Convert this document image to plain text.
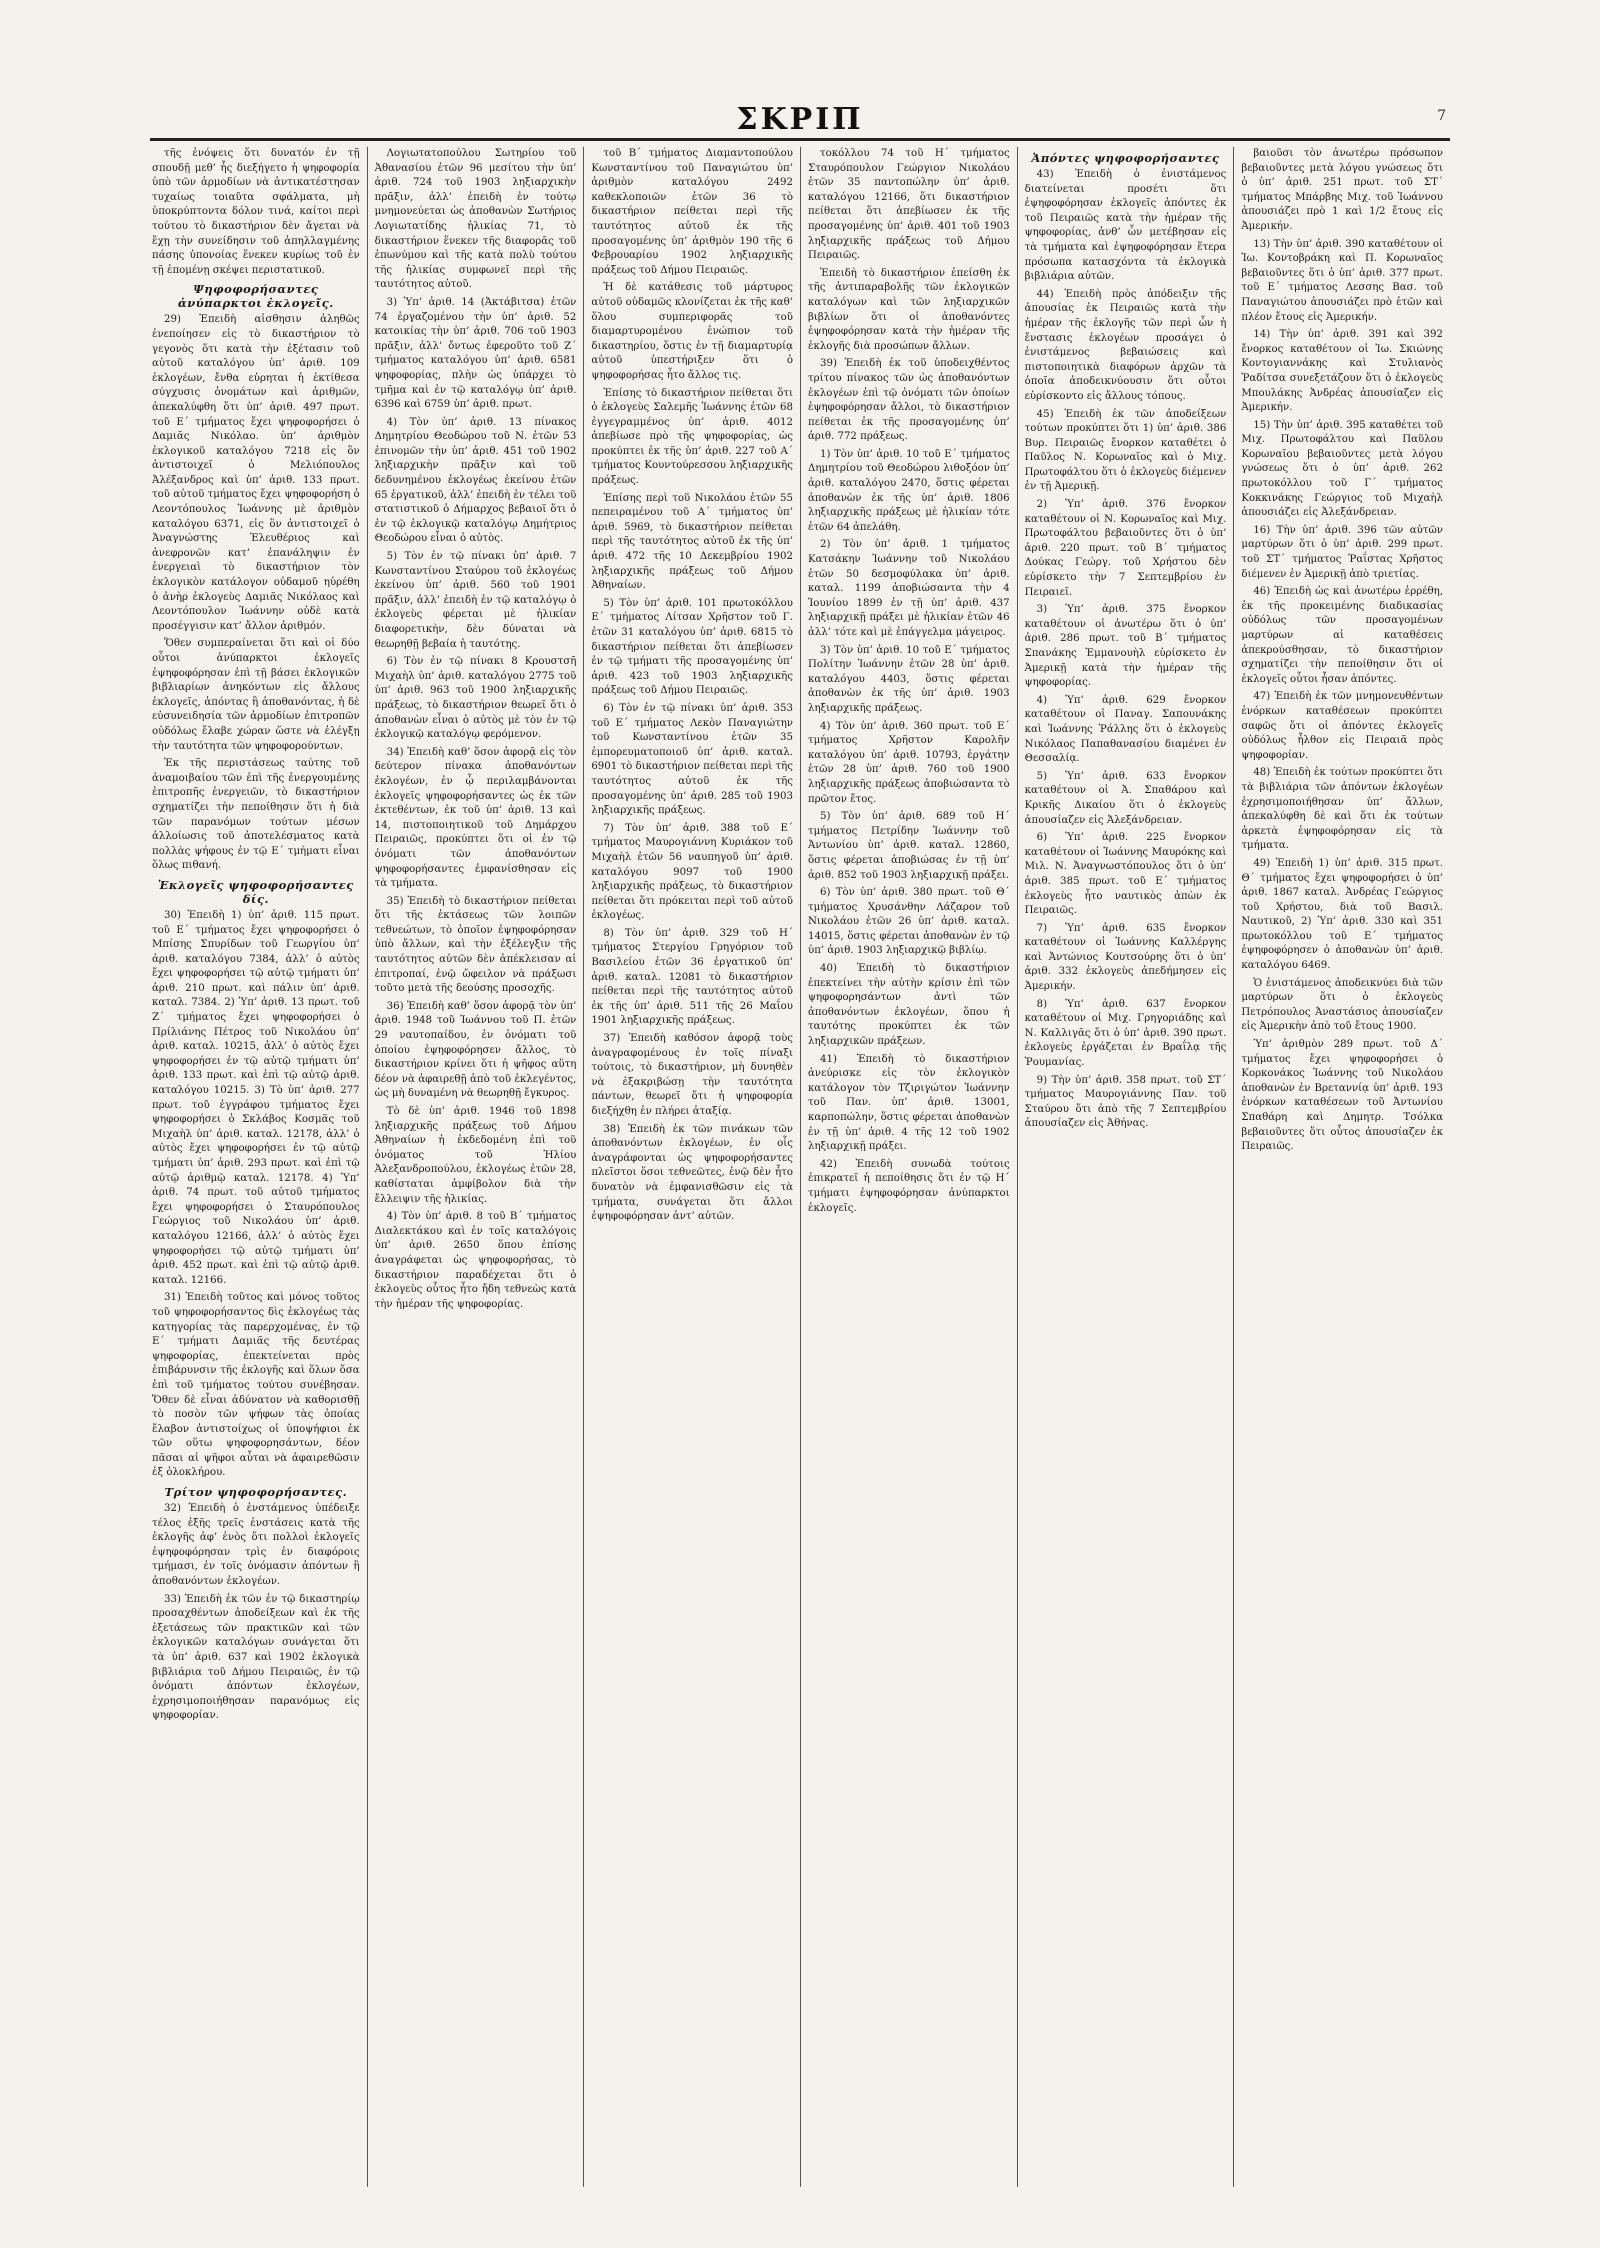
ΣΚΡΙΠ	7

τῆς ἐνόψεις ὅτι δυνατόν ἐν τῇ σπουδῇ μεθ’ ἧς διεξήγετο ἡ ψηφοφορία ὑπὸ τῶν ἀρμοδίων νὰ ἀντικατέστησαν τυχαίως τοιαῦτα σφάλματα, μὴ ὑποκρύπτοντα δόλον τινά, καίτοι περὶ τούτου τὸ δικαστήριον δὲν ἄγεται νὰ ἔχῃ τὴν συνείδησιν τοῦ ἀπηλλαγμένης πάσης ὑπονοίας ἕνεκεν κυρίως τοῦ ἐν τῇ ἐπομένῃ σκέψει περιστατικοῦ.

Ψηφοφορήσαντες ἀνύπαρκτοι ἐκλογεῖς.

29) Ἐπειδὴ αἰσθησιν ἀληθῶς ἐνεποίησεν εἰς τὸ δικαστήριον τὸ γεγονὸς ὅτι κατὰ τὴν ἐξέτασιν τοῦ αὐτοῦ καταλόγου ὑπ’ ἀριθ. 109 ἐκλογέων, ἔνθα εὑρηται ἡ ἐκτίθεσα σύγχυσις ὀνομάτων καὶ ἀριθμῶν, ἀπεκαλύφθη ὅτι ὑπ’ ἀριθ. 497 πρωτ. τοῦ Ε΄ τμήματος ἔχει ψηφοφορήσει ὁ Δαμιᾶς Νικόλαο. ὑπ’ ἀριθμὸν ἐκλογικοῦ καταλόγου 7218 εἰς ὃν ἀντιστοιχεῖ ὁ Μελιόπουλος Ἀλέξανδρος καὶ ὑπ’ ἀριθ. 133 πρωτ. τοῦ αὐτοῦ τμήματος ἔχει ψηφοφορήση ὁ Λεοντόπουλος Ἰωάννης μὲ ἀριθμὸν καταλόγου 6371, εἰς ὃν ἀντιστοιχεῖ ὁ Ἀναγνώστης Ἐλευθέριος καὶ ἀνεφρονῶν κατ’ ἐπανάληψιν ἐν ἐνεργειαὶ τὸ δικαστήριον τὸν ἐκλογικὸν κατάλογον οὐδαμοῦ ηὑρέθη ὁ ἀνὴρ ἐκλογεὺς Δαμιᾶς Νικόλαος καὶ Λεοντόπουλον Ἰωάννην οὐδὲ κατὰ προσέγγισιν κατ’ ἄλλον ἀριθμόν.

Ὅθεν συμπεραίνεται ὅτι καὶ οἱ δύο οὗτοι ἀνύπαρκτοι ἐκλογεῖς ἐψηφοφόρησαν ἐπὶ τῇ βάσει ἐκλογικῶν βιβλιαρίων ἀνηκόντων εἰς ἄλλους ἐκλογεῖς, ἀπόντας ἢ ἀποθανόντας, ἡ δὲ εὐσυνειδησία τῶν ἀρμοδίων ἐπιτροπῶν οὐδόλως ἔλαβε χώραν ὥστε νὰ ἐλέγξῃ τὴν ταυτότητα τῶν ψηφοφορούντων.

Ἐκ τῆς περιστάσεως ταύτης τοῦ ἀναμοιβαίου τῶν ἐπὶ τῆς ἐνεργουμένης ἐπιτροπῆς ἐνεργειῶν, τὸ δικαστήριον σχηματίζει τὴν πεποίθησιν ὅτι ἡ διὰ τῶν παρανόμων τούτων μέσων ἀλλοίωσις τοῦ ἀποτελέσματος κατὰ πολλὰς ψήφους ἐν τῷ Ε΄ τμήματι εἶναι ὅλως πιθανή.

Ἐκλογεῖς ψηφοφορήσαντες δίς.

30) Ἐπειδὴ 1) ὑπ’ ἀριθ. 115 πρωτ. τοῦ Ε΄ τμήματος ἔχει ψηφοφορήσει ὁ Μπίσης Σπυρίδων τοῦ Γεωργίου ὑπ’ ἀριθ. καταλόγου 7384, ἀλλ’ ὁ αὐτὸς ἔχει ψηφοφορήσει τῷ αὐτῷ τμήματι ὑπ’ ἀριθ. 210 πρωτ. καὶ πάλιν ὑπ’ ἀριθ. καταλ. 7384. 2) Ὑπ’ ἀριθ. 13 πρωτ. τοῦ Ζ΄ τμήματος ἔχει ψηφοφορήσει ὁ Πρίλιάνης Πέτρος τοῦ Νικολάου ὑπ’ ἀριθ. καταλ. 10215, ἀλλ’ ὁ αὐτὸς ἔχει ψηφοφορήσει ἐν τῷ αὐτῷ τμήματι ὑπ’ ἀριθ. 133 πρωτ. καὶ ἐπὶ τῷ αὐτῷ ἀριθ. καταλόγου 10215. 3) Τὸ ὑπ’ ἀριθ. 277 πρωτ. τοῦ ἐγγράφου τμήματος ἔχει ψηφοφορήσει ὁ Σκλάβος Κοσμᾶς τοῦ Μιχαὴλ ὑπ’ ἀριθ. καταλ. 12178, ἀλλ’ ὁ αὐτὸς ἔχει ψηφοφορήσει ἐν τῷ αὐτῷ τμήματι ὑπ’ ἀριθ. 293 πρωτ. καὶ ἐπὶ τῷ αὐτῷ ἀριθμῷ καταλ. 12178. 4) Ὑπ’ ἀριθ. 74 πρωτ. τοῦ αὐτοῦ τμήματος ἔχει ψηφοφορήσει ὁ Σταυρόπουλος Γεώργιος τοῦ Νικολάου ὑπ’ ἀριθ. καταλόγου 12166, ἀλλ’ ὁ αὐτὸς ἔχει ψηφοφορήσει τῷ αὐτῷ τμήματι ὑπ’ ἀριθ. 452 πρωτ. καὶ ἐπὶ τῷ αὐτῷ ἀριθ. καταλ. 12166.

31) Ἐπειδὴ τοῦτος καὶ μόνος τοῦτος τοῦ ψηφοφορήσαντος δὶς ἐκλογέως τὰς κατηγορίας τὰς παρερχομένας, ἐν τῷ Ε΄ τμήματι Δαμιᾶς τῆς δευτέρας ψηφοφορίας, ἐπεκτείνεται πρὸς ἐπιβάρυνσιν τῆς ἐκλογῆς καὶ ὅλων ὅσα ἐπὶ τοῦ τμήματος τούτου συνέβησαν. Ὅθεν δὲ εἶναι ἀδύνατον νὰ καθορισθῇ τὸ ποσὸν τῶν ψήφων τὰς ὁποίας ἔλαβον ἀντιστοίχως οἱ ὑποψήφιοι ἐκ τῶν οὕτω ψηφοφορησάντων, δέον πᾶσαι αἱ ψῆφοι αὗται νὰ ἀφαιρεθῶσιν ἐξ ὁλοκλήρου.

Τρίτον ψηφοφορήσαντες.

32) Ἐπειδὴ ὁ ἐνστάμενος ὑπέδειξε τέλος ἐξῆς τρεῖς ἐνστάσεις κατὰ τῆς ἐκλογῆς ἀφ’ ἑνὸς ὅτι πολλοὶ ἐκλογεῖς ἐψηφοφόρησαν τρὶς ἐν διαφόροις τμήμασι, ἐν τοῖς ὀνόμασιν ἀπόντων ἢ ἀποθανόντων ἐκλογέων.

33) Ἐπειδὴ ἐκ τῶν ἐν τῷ δικαστηρίῳ προσαχθέντων ἀποδείξεων καὶ ἐκ τῆς ἐξετάσεως τῶν πρακτικῶν καὶ τῶν ἐκλογικῶν καταλόγων συνάγεται ὅτι τὰ ὑπ’ ἀριθ. 637 καὶ 1902 ἐκλογικὰ βιβλιάρια τοῦ Δήμου Πειραιῶς, ἐν τῷ ὀνόματι ἀπόντων ἐκλογέων, ἐχρησιμοποιήθησαν παρανόμως εἰς ψηφοφορίαν.

Λογιωτατοπούλου Σωτηρίου τοῦ Ἀθανασίου ἐτῶν 96 μεσίτου τὴν ὑπ’ ἀριθ. 724 τοῦ 1903 ληξιαρχικὴν πρᾶξιν, ἀλλ’ ἐπειδὴ ἐν τούτῳ μνημονεύεται ὡς ἀποθανὼν Σωτήριος Λογιωτατίδης ἡλικίας 71, τὸ δικαστήριον ἕνεκεν τῆς διαφορᾶς τοῦ ἐπωνύμου καὶ τῆς κατὰ πολὺ τούτου τῆς ἡλικίας συμφωνεῖ περὶ τῆς ταυτότητος αὐτοῦ.

3) Ὑπ’ ἀριθ. 14 (Ἀκτάβιτσα) ἐτῶν 74 ἐργαζομένου τὴν ὑπ’ ἀριθ. 52 κατοικίας τὴν ὑπ’ ἀριθ. 706 τοῦ 1903 πρᾶξιν, ἀλλ’ ὄντως ἐφεροῦτο τοῦ Ζ΄ τμήματος καταλόγου ὑπ’ ἀριθ. 6581 ψηφοφορίας, πλὴν ὡς ὑπάρχει τὸ τμῆμα καὶ ἐν τῷ καταλόγῳ ὑπ’ ἀριθ. 6396 καὶ 6759 ὑπ’ ἀριθ. πρωτ.

4) Τὸν ὑπ’ ἀριθ. 13 πίνακος Δημητρίου Θεοδώρου τοῦ Ν. ἐτῶν 53 ἐπινομῶν τὴν ὑπ’ ἀριθ. 451 τοῦ 1902 ληξιαρχικὴν πρᾶξιν καὶ τοῦ δεδυνημένου ἐκλογέως ἐκείνου ἐτῶν 65 ἐργατικοῦ, ἀλλ’ ἐπειδὴ ἐν τέλει τοῦ στατιστικοῦ ὁ Δήμαρχος βεβαιοῖ ὅτι ὁ ἐν τῷ ἐκλογικῷ καταλόγῳ Δημήτριος Θεοδώρου εἶναι ὁ αὐτὸς.

5) Τὸν ἐν τῷ πίνακι ὑπ’ ἀριθ. 7 Κωνσταντίνου Σταύρου τοῦ ἐκλογέως ἐκείνου ὑπ’ ἀριθ. 560 τοῦ 1901 πρᾶξιν, ἀλλ’ ἐπειδὴ ἐν τῷ καταλόγῳ ὁ ἐκλογεὺς φέρεται μὲ ἡλικίαν διαφορετικὴν, δὲν δύναται νὰ θεωρηθῇ βεβαία ἡ ταυτότης.

6) Τὸν ἐν τῷ πίνακι 8 Κρουστσῆ Μιχαὴλ ὑπ’ ἀριθ. καταλόγου 2775 τοῦ ὑπ’ ἀριθ. 963 τοῦ 1900 ληξιαρχικῆς πράξεως, τὸ δικαστήριον θεωρεῖ ὅτι ὁ ἀποθανὼν εἶναι ὁ αὐτὸς μὲ τὸν ἐν τῷ ἐκλογικῷ καταλόγῳ φερόμενον.

34) Ἐπειδὴ καθ’ ὅσον ἀφορᾷ εἰς τὸν δεύτερον πίνακα ἀποθανόντων ἐκλογέων, ἐν ᾧ περιλαμβάνονται ἐκλογεῖς ψηφοφορήσαντες ὡς ἐκ τῶν ἐκτεθέντων, ἐκ τοῦ ὑπ’ ἀριθ. 13 καὶ 14, πιστοποιητικοῦ τοῦ Δημάρχου Πειραιῶς, προκύπτει ὅτι οἱ ἐν τῷ ὀνόματι τῶν ἀποθανόντων ψηφοφορήσαντες ἐμφανίσθησαν εἰς τὰ τμήματα.

35) Ἐπειδὴ τὸ δικαστήριον πείθεται ὅτι τῆς ἐκτάσεως τῶν λοιπῶν τεθνεώτων, τὸ ὁποῖον ἐψηφοφόρησαν ὑπὸ ἄλλων, καὶ τὴν ἐξέλεγξιν τῆς ταυτότητος αὐτῶν δὲν ἀπέκλεισαν αἱ ἐπιτροπαί, ἐνῷ ὤφειλον νὰ πράξωσι τοῦτο μετὰ τῆς δεούσης προσοχῆς.

36) Ἐπειδὴ καθ’ ὅσον ἀφορᾷ τὸν ὑπ’ ἀριθ. 1948 τοῦ Ἰωάννου τοῦ Π. ἐτῶν 29 ναυτοπαίδου, ἐν ὀνόματι τοῦ ὁποίου ἐψηφοφόρησεν ἄλλος, τὸ δικαστήριον κρίνει ὅτι ἡ ψῆφος αὕτη δέον νὰ ἀφαιρεθῇ ἀπὸ τοῦ ἐκλεγέντος, ὡς μὴ δυναμένη νὰ θεωρηθῇ ἔγκυρος.

Τὸ δὲ ὑπ’ ἀριθ. 1946 τοῦ 1898 ληξιαρχικῆς πράξεως τοῦ Δήμου Ἀθηναίων ἡ ἐκδεδομένη ἐπὶ τοῦ ὀνόματος τοῦ Ἠλίου Ἀλεξανδροπούλου, ἐκλογέως ἐτῶν 28, καθίσταται ἀμφίβολον διὰ τὴν ἔλλειψιν τῆς ἡλικίας.

4) Τὸν ὑπ’ ἀριθ. 8 τοῦ Β΄ τμήματος Διαλεκτάκου καὶ ἐν τοῖς καταλόγοις ὑπ’ ἀριθ. 2650 ὅπου ἐπίσης ἀναγράφεται ὡς ψηφοφορήσας, τὸ δικαστήριον παραδέχεται ὅτι ὁ ἐκλογεὺς οὗτος ἦτο ἤδη τεθνεὼς κατὰ τὴν ἡμέραν τῆς ψηφοφορίας.

τοῦ Β΄ τμήματος Διαμαντοπούλου Κωνσταντίνου τοῦ Παναγιώτου ὑπ’ ἀριθμὸν καταλόγου 2492 καθεκλοποιῶν ἐτῶν 36 τὸ δικαστήριον πείθεται περὶ τῆς ταυτότητος αὐτοῦ ἐκ τῆς προσαγομένης ὑπ’ ἀριθμὸν 190 τῆς 6 Φεβρουαρίου 1902 ληξιαρχικῆς πράξεως τοῦ Δήμου Πειραιῶς.

Ἡ δὲ κατάθεσις τοῦ μάρτυρος αὐτοῦ οὐδαμῶς κλονίζεται ἐκ τῆς καθ’ ὅλου συμπεριφορᾶς τοῦ διαμαρτυρομένου ἐνώπιον τοῦ δικαστηρίου, ὅστις ἐν τῇ διαμαρτυρίᾳ αὐτοῦ ὑπεστήριξεν ὅτι ὁ ψηφοφορήσας ἦτο ἄλλος τις.

Ἐπίσης τὸ δικαστήριον πείθεται ὅτι ὁ ἐκλογεὺς Σαλεμῆς Ἰωάννης ἐτῶν 68 ἐγγεγραμμένος ὑπ’ ἀριθ. 4012 ἀπεβίωσε πρὸ τῆς ψηφοφορίας, ὡς προκύπτει ἐκ τῆς ὑπ’ ἀριθ. 227 τοῦ Α΄ τμήματος Κουντούρεσσου ληξιαρχικῆς πράξεως.

Ἐπίσης περὶ τοῦ Νικολάου ἐτῶν 55 πεπειραμένου τοῦ Α΄ τμήματος ὑπ’ ἀριθ. 5969, τὸ δικαστήριον πείθεται περὶ τῆς ταυτότητος αὐτοῦ ἐκ τῆς ὑπ’ ἀριθ. 472 τῆς 10 Δεκεμβρίου 1902 ληξιαρχικῆς πράξεως τοῦ Δήμου Ἀθηναίων.

5) Τὸν ὑπ’ ἀριθ. 101 πρωτοκόλλου Ε΄ τμήματος Λίτσαν Χρῆστον τοῦ Γ. ἐτῶν 31 καταλόγου ὑπ’ ἀριθ. 6815 τὸ δικαστήριον πείθεται ὅτι ἀπεβίωσεν ἐν τῷ τμήματι τῆς προσαγομένης ὑπ’ ἀριθ. 423 τοῦ 1903 ληξιαρχικῆς πράξεως τοῦ Δήμου Πειραιῶς.

6) Τὸν ἐν τῷ πίνακι ὑπ’ ἀριθ. 353 τοῦ Ε΄ τμήματος Λεκὸν Παναγιώτην τοῦ Κωνσταντίνου ἐτῶν 35 ἐμπορευματοποιοῦ ὑπ’ ἀριθ. καταλ. 6901 τὸ δικαστήριον πείθεται περὶ τῆς ταυτότητος αὐτοῦ ἐκ τῆς προσαγομένης ὑπ’ ἀριθ. 285 τοῦ 1903 ληξιαρχικῆς πράξεως.

7) Τὸν ὑπ’ ἀριθ. 388 τοῦ Ε΄ τμήματος Μαυρογιάννη Κυριάκον τοῦ Μιχαὴλ ἐτῶν 56 ναυπηγοῦ ὑπ’ ἀριθ. καταλόγου 9097 τοῦ 1900 ληξιαρχικῆς πράξεως, τὸ δικαστήριον πείθεται ὅτι πρόκειται περὶ τοῦ αὐτοῦ ἐκλογέως.

8) Τὸν ὑπ’ ἀριθ. 329 τοῦ Η΄ τμήματος Στεργίου Γρηγόριον τοῦ Βασιλείου ἐτῶν 36 ἐργατικοῦ ὑπ’ ἀριθ. καταλ. 12081 τὸ δικαστήριον πείθεται περὶ τῆς ταυτότητος αὐτοῦ ἐκ τῆς ὑπ’ ἀριθ. 511 τῆς 26 Μαΐου 1901 ληξιαρχικῆς πράξεως.

37) Ἐπειδὴ καθόσον ἀφορᾷ τοὺς ἀναγραφομένους ἐν τοῖς πίναξι τούτοις, τὸ δικαστήριον, μὴ δυνηθὲν νὰ ἐξακριβώσῃ τὴν ταυτότητα πάντων, θεωρεῖ ὅτι ἡ ψηφοφορία διεξήχθη ἐν πλήρει ἀταξίᾳ.

38) Ἐπειδὴ ἐκ τῶν πινάκων τῶν ἀποθανόντων ἐκλογέων, ἐν οἷς ἀναγράφονται ὡς ψηφοφορήσαντες πλεῖστοι ὅσοι τεθνεῶτες, ἐνῷ δὲν ἦτο δυνατὸν νὰ ἐμφανισθῶσιν εἰς τὰ τμήματα, συνάγεται ὅτι ἄλλοι ἐψηφοφόρησαν ἀντ’ αὐτῶν.

τοκόλλου 74 τοῦ Η΄ τμήματος Σταυρόπουλον Γεώργιον Νικολάου ἐτῶν 35 παντοπώλην ὑπ’ ἀριθ. καταλόγου 12166, ὅτι δικαστήριον πείθεται ὅτι ἀπεβίωσεν ἐκ τῆς προσαγομένης ὑπ’ ἀριθ. 401 τοῦ 1903 ληξιαρχικῆς πράξεως τοῦ Δήμου Πειραιῶς.

Ἐπειδὴ τὸ δικαστήριον ἐπείσθη ἐκ τῆς ἀντιπαραβολῆς τῶν ἐκλογικῶν καταλόγων καὶ τῶν ληξιαρχικῶν βιβλίων ὅτι οἱ ἀποθανόντες ἐψηφοφόρησαν κατὰ τὴν ἡμέραν τῆς ἐκλογῆς διὰ προσώπων ἄλλων.

39) Ἐπειδὴ ἐκ τοῦ ὑποδειχθέντος τρίτου πίνακος τῶν ὡς ἀποθανόντων ἐκλογέων ἐπὶ τῷ ὀνόματι τῶν ὁποίων ἐψηφοφόρησαν ἄλλοι, τὸ δικαστήριον πείθεται ἐκ τῆς προσαγομένης ὑπ’ ἀριθ. 772 πράξεως.

1) Τὸν ὑπ’ ἀριθ. 10 τοῦ Ε΄ τμήματος Δημητρίου τοῦ Θεοδώρου λιθοξόον ὑπ’ ἀριθ. καταλόγου 2470, ὅστις φέρεται ἀποθανὼν ἐκ τῆς ὑπ’ ἀριθ. 1806 ληξιαρχικῆς πράξεως μὲ ἡλικίαν τότε ἐτῶν 64 ἀπελάθη.

2) Τὸν ὑπ’ ἀριθ. 1 τμήματος Κατσάκην Ἰωάννην τοῦ Νικολάου ἐτῶν 50 δεσμοφύλακα ὑπ’ ἀριθ. καταλ. 1199 ἀποβιώσαντα τὴν 4 Ἰουνίου 1899 ἐν τῇ ὑπ’ ἀριθ. 437 ληξιαρχικῇ πράξει μὲ ἡλικίαν ἐτῶν 46 ἀλλ’ τότε καὶ μὲ ἐπάγγελμα μάγειρος.

3) Τὸν ὑπ’ ἀριθ. 10 τοῦ Ε΄ τμήματος Πολίτην Ἰωάννην ἐτῶν 28 ὑπ’ ἀριθ. καταλόγου 4403, ὅστις φέρεται ἀποθανὼν ἐκ τῆς ὑπ’ ἀριθ. 1903 ληξιαρχικῆς πράξεως.

4) Τὸν ὑπ’ ἀριθ. 360 πρωτ. τοῦ Ε΄ τμήματος Χρῆστον Καρολῆν καταλόγου ὑπ’ ἀριθ. 10793, ἐργάτην ἐτῶν 28 ὑπ’ ἀριθ. 760 τοῦ 1900 ληξιαρχικῆς πράξεως ἀποβιώσαντα τὸ πρῶτον ἔτος.

5) Τὸν ὑπ’ ἀριθ. 689 τοῦ Η΄ τμήματος Πετρίδην Ἰωάννην τοῦ Ἀντωνίου ὑπ’ ἀριθ. καταλ. 12860, ὅστις φέρεται ἀποβιώσας ἐν τῇ ὑπ’ ἀριθ. 852 τοῦ 1903 ληξιαρχικῇ πράξει.

6) Τὸν ὑπ’ ἀριθ. 380 πρωτ. τοῦ Θ΄ τμήματος Χρυσάνθην Λάζαρον τοῦ Νικολάου ἐτῶν 26 ὑπ’ ἀριθ. καταλ. 14015, ὅστις φέρεται ἀποθανὼν ἐν τῷ ὑπ’ ἀριθ. 1903 ληξιαρχικῷ βιβλίῳ.

40) Ἐπειδὴ τὸ δικαστήριον ἐπεκτείνει τὴν αὐτὴν κρίσιν ἐπὶ τῶν ψηφοφορησάντων ἀντὶ τῶν ἀποθανόντων ἐκλογέων, ὅπου ἡ ταυτότης προκύπτει ἐκ τῶν ληξιαρχικῶν πράξεων.

41) Ἐπειδὴ τὸ δικαστήριον ἀνεύρισκε εἰς τὸν ἐκλογικὸν κατάλογον τὸν Τζιριγώτον Ἰωάννην τοῦ Παν. ὑπ’ ἀριθ. 13001, καρποπώλην, ὅστις φέρεται ἀποθανὼν ἐν τῇ ὑπ’ ἀριθ. 4 τῆς 12 τοῦ 1902 ληξιαρχικῇ πράξει.

42) Ἐπειδὴ συνωδὰ τούτοις ἐπικρατεῖ ἡ πεποίθησις ὅτι ἐν τῷ Η΄ τμήματι ἐψηφοφόρησαν ἀνύπαρκτοι ἐκλογεῖς.

Ἀπόντες ψηφοφορήσαντες

43) Ἐπειδὴ ὁ ἐνιστάμενος διατείνεται προσέτι ὅτι ἐψηφοφόρησαν ἐκλογεῖς ἀπόντες ἐκ τοῦ Πειραιῶς κατὰ τὴν ἡμέραν τῆς ψηφοφορίας, ἀνθ’ ὧν μετέβησαν εἰς τὰ τμήματα καὶ ἐψηφοφόρησαν ἕτερα πρόσωπα κατασχόντα τὰ ἐκλογικὰ βιβλιάρια αὐτῶν.

44) Ἐπειδὴ πρὸς ἀπόδειξιν τῆς ἀπουσίας ἐκ Πειραιῶς κατὰ τὴν ἡμέραν τῆς ἐκλογῆς τῶν περὶ ὧν ἡ ἔνστασις ἐκλογέων προσάγει ὁ ἐνιστάμενος βεβαιώσεις καὶ πιστοποιητικὰ διαφόρων ἀρχῶν τὰ ὁποῖα ἀποδεικνύουσιν ὅτι οὗτοι εὑρίσκοντο εἰς ἄλλους τόπους.

45) Ἐπειδὴ ἐκ τῶν ἀποδείξεων τούτων προκύπτει ὅτι 1) ὑπ’ ἀριθ. 386 Βυρ. Πειραιῶς ἔνορκον καταθέτει ὁ Παῦλος Ν. Κορωναῖος καὶ ὁ Μιχ. Πρωτοφάλτου ὅτι ὁ ἐκλογεὺς διέμενεν ἐν τῇ Ἀμερικῇ.

2) Ὑπ’ ἀριθ. 376 ἔνορκον καταθέτουν οἱ Ν. Κορωναῖος καὶ Μιχ. Πρωτοφάλτου βεβαιοῦντες ὅτι ὁ ὑπ’ ἀριθ. 220 πρωτ. τοῦ Β΄ τμήματος Δούκας Γεώργ. τοῦ Χρήστου δὲν εὑρίσκετο τὴν 7 Σεπτεμβρίου ἐν Πειραιεῖ.

3) Ὑπ’ ἀριθ. 375 ἔνορκον καταθέτουν οἱ ἀνωτέρω ὅτι ὁ ὑπ’ ἀριθ. 286 πρωτ. τοῦ Β΄ τμήματος Σπανάκης Ἐμμανουὴλ εὑρίσκετο ἐν Ἀμερικῇ κατὰ τὴν ἡμέραν τῆς ψηφοφορίας.

4) Ὑπ’ ἀριθ. 629 ἔνορκον καταθέτουν οἱ Παναγ. Σαπουνάκης καὶ Ἰωάννης Ῥάλλης ὅτι ὁ ἐκλογεὺς Νικόλαος Παπαθανασίου διαμένει ἐν Θεσσαλίᾳ.

5) Ὑπ’ ἀριθ. 633 ἔνορκον καταθέτουν οἱ Ἀ. Σπαθάρου καὶ Κρικῆς Δικαίου ὅτι ὁ ἐκλογεὺς ἀπουσίαζεν εἰς Ἀλεξάνδρειαν.

6) Ὑπ’ ἀριθ. 225 ἔνορκον καταθέτουν οἱ Ἰωάννης Μαυρόκης καὶ Μιλ. Ν. Ἀναγνωστόπουλος ὅτι ὁ ὑπ’ ἀριθ. 385 πρωτ. τοῦ Ε΄ τμήματος ἐκλογεὺς ἦτο ναυτικὸς ἀπὼν ἐκ Πειραιῶς.

7) Ὑπ’ ἀριθ. 635 ἔνορκον καταθέτουν οἱ Ἰωάννης Καλλέργης καὶ Ἀντώνιος Κουτσούρης ὅτι ὁ ὑπ’ ἀριθ. 332 ἐκλογεὺς ἀπεδήμησεν εἰς Ἀμερικήν.

8) Ὑπ’ ἀριθ. 637 ἔνορκον καταθέτουν οἱ Μιχ. Γρηγοριάδης καὶ Ν. Καλλιγᾶς ὅτι ὁ ὑπ’ ἀριθ. 390 πρωτ. ἐκλογεὺς ἐργάζεται ἐν Βραΐλᾳ τῆς Ῥουμανίας.

9) Τὴν ὑπ’ ἀριθ. 358 πρωτ. τοῦ ΣΤ΄ τμήματος Μαυρογιάννης Παν. τοῦ Σταύρου ὅτι ἀπὸ τῆς 7 Σεπτεμβρίου ἀπουσίαζεν εἰς Ἀθήνας.

βαιοῦσι τὸν ἀνωτέρω πρόσωπον βεβαιοῦντες μετὰ λόγου γνώσεως ὅτι ὁ ὑπ’ ἀριθ. 251 πρωτ. τοῦ ΣΤ΄ τμήματος Μπάρβης Μιχ. τοῦ Ἰωάννου ἀπουσιάζει πρὸ 1 καὶ 1/2 ἔτους εἰς Ἀμερικήν.

13) Τὴν ὑπ’ ἀριθ. 390 καταθέτουν οἱ Ἰω. Κοντοβράκη καὶ Π. Κορωναῖος βεβαιοῦντες ὅτι ὁ ὑπ’ ἀριθ. 377 πρωτ. τοῦ Ε΄ τμήματος Λεσσης Βασ. τοῦ Παναγιώτου ἀπουσιάζει πρὸ ἐτῶν καὶ πλέον ἔτους εἰς Ἀμερικήν.

14) Τὴν ὑπ’ ἀριθ. 391 καὶ 392 ἔνορκος καταθέτουν οἱ Ἰω. Σκιώνης Κοντογιαννάκης καὶ Στυλιανὸς Ῥαδίτσα συνεξετάζουν ὅτι ὁ ἐκλογεὺς Μπουλάκης Ἀνδρέας ἀπουσίαζεν εἰς Ἀμερικήν.

15) Τὴν ὑπ’ ἀριθ. 395 καταθέτει τοῦ Μιχ. Πρωτοφάλτου καὶ Παῦλου Κορωναῖου βεβαιοῦντες μετὰ λόγου γνώσεως ὅτι ὁ ὑπ’ ἀριθ. 262 πρωτοκόλλου τοῦ Γ΄ τμήματος Κοκκινάκης Γεώργιος τοῦ Μιχαὴλ ἀπουσιάζει εἰς Ἀλεξάνδρειαν.

16) Τὴν ὑπ’ ἀριθ. 396 τῶν αὐτῶν μαρτύρων ὅτι ὁ ὑπ’ ἀριθ. 299 πρωτ. τοῦ ΣΤ΄ τμήματος Ῥαΐστας Χρῆστος διέμενεν ἐν Ἀμερικῇ ἀπὸ τριετίας.

46) Ἐπειδὴ ὡς καὶ ἀνωτέρω ἐρρέθη, ἐκ τῆς προκειμένης διαδικασίας οὐδόλως τῶν προσαγομένων μαρτύρων αἱ καταθέσεις ἀπεκρούσθησαν, τὸ δικαστήριον σχηματίζει τὴν πεποίθησιν ὅτι οἱ ἐκλογεῖς οὗτοι ἦσαν ἀπόντες.

47) Ἐπειδὴ ἐκ τῶν μνημονευθέντων ἐνόρκων καταθέσεων προκύπτει σαφῶς ὅτι οἱ ἀπόντες ἐκλογεῖς οὐδόλως ἦλθον εἰς Πειραιᾶ πρὸς ψηφοφορίαν.

48) Ἐπειδὴ ἐκ τούτων προκύπτει ὅτι τὰ βιβλιάρια τῶν ἀπόντων ἐκλογέων ἐχρησιμοποιήθησαν ὑπ’ ἄλλων, ἀπεκαλύφθη δὲ καὶ ὅτι ἐκ τούτων ἀρκετὰ ἐψηφοφόρησαν εἰς τὰ τμήματα.

49) Ἐπειδὴ 1) ὑπ’ ἀριθ. 315 πρωτ. Θ΄ τμήματος ἔχει ψηφοφορήσει ὁ ὑπ’ ἀριθ. 1867 καταλ. Ἀνδρέας Γεώργιος τοῦ Χρήστου, διὰ τοῦ Βασιλ. Ναυτικοῦ, 2) Ὑπ’ ἀριθ. 330 καὶ 351 πρωτοκόλλου τοῦ Ε΄ τμήματος ἐψηφοφόρησεν ὁ ἀποθανὼν ὑπ’ ἀριθ. καταλόγου 6469.

Ὁ ἐνιστάμενος ἀποδεικνύει διὰ τῶν μαρτύρων ὅτι ὁ ἐκλογεὺς Πετρόπουλος Ἀναστάσιος ἀπουσίαζεν εἰς Ἀμερικὴν ἀπὸ τοῦ ἔτους 1900.

Ὑπ’ ἀριθμὸν 289 πρωτ. τοῦ Δ΄ τμήματος ἔχει ψηφοφορήσει ὁ Κορκονάκος Ἰωάννης τοῦ Νικολάου ἀποθανὼν ἐν Βρεταννίᾳ ὑπ’ ἀριθ. 193 ἐνόρκων καταθέσεων τοῦ Ἀντωνίου Σπαθάρη καὶ Δημητρ. Τσόλκα βεβαιοῦντες ὅτι οὗτος ἀπουσίαζεν ἐκ Πειραιῶς.
